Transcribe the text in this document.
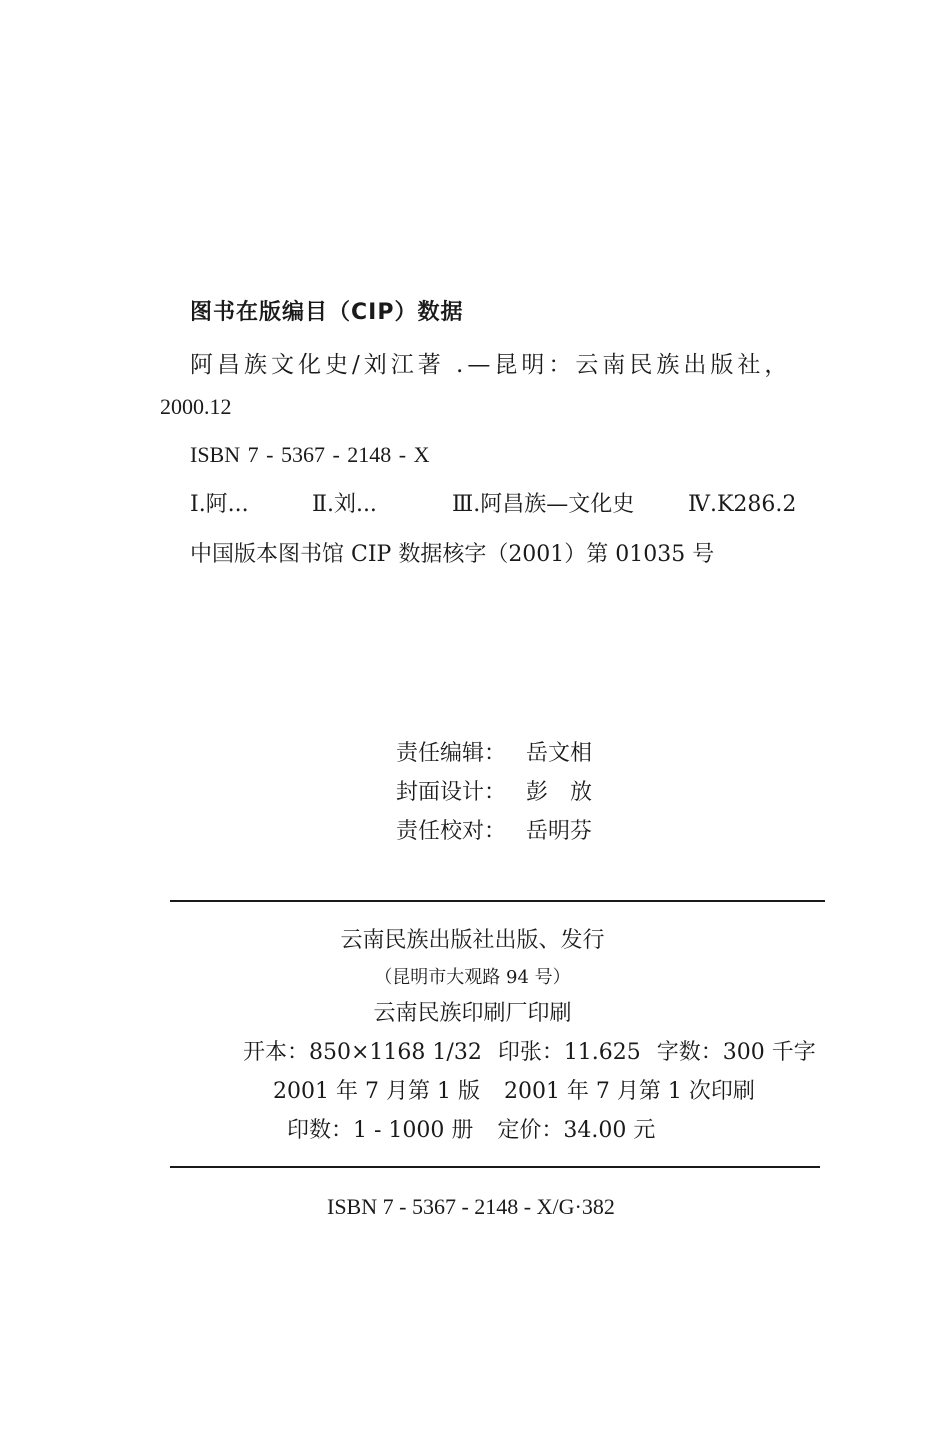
图书在版编目（CIP）数据
阿昌族文化史/刘江著 .—昆明：云南民族出版社，
2000.12
ISBN 7 - 5367 - 2148 - X
Ⅰ.阿...	Ⅱ.刘...	Ⅲ.阿昌族—文化史 Ⅳ.K286.2
中国版本图书馆 CIP 数据核字（2001）第 01035 号
责任编辑： 岳文相
封面设计： 彭　放
责任校对： 岳明芬
云南民族出版社出版、发行
（昆明市大观路 94 号）
云南民族印刷厂印刷
开本：850×1168 1/32 印张：11.625 字数：300 千字
2001 年 7 月第 1 版 2001 年 7 月第 1 次印刷
印数：1 - 1000 册 定价：34.00 元
ISBN 7 - 5367 - 2148 - X/G·382
